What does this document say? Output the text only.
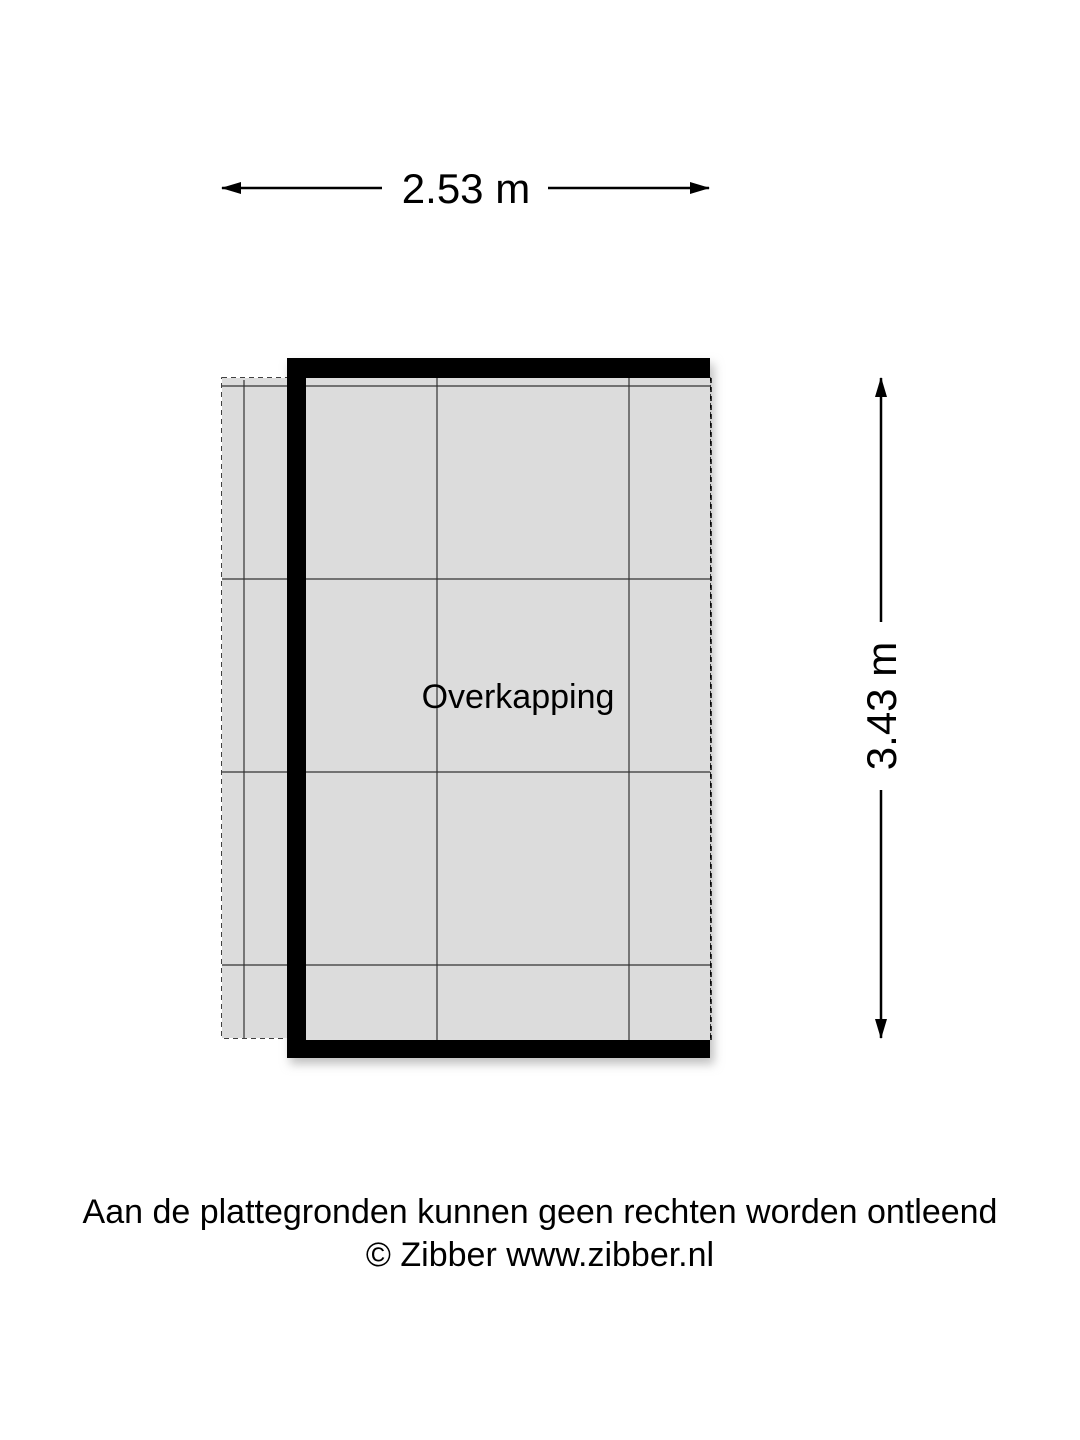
2.53 m
3.43 m
Overkapping
Aan de plattegronden kunnen geen rechten worden ontleend
© Zibber www.zibber.nl
